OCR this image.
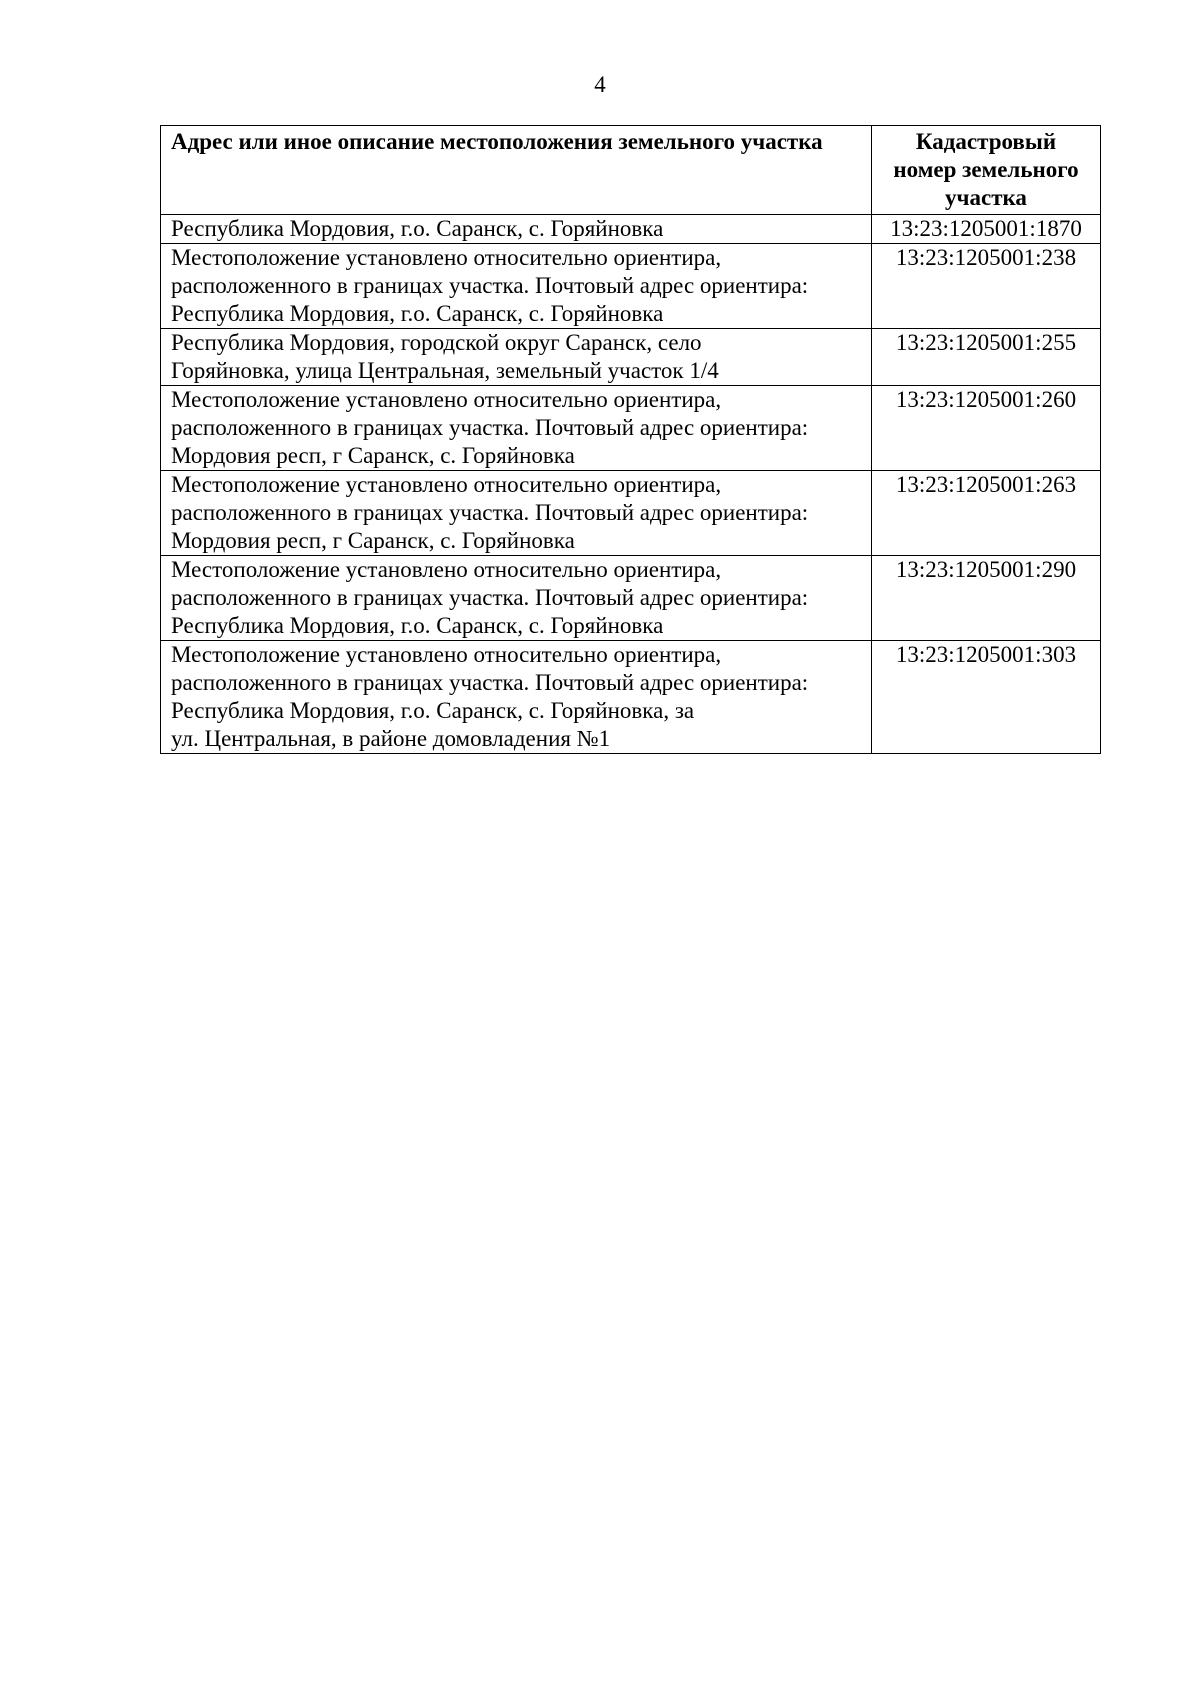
4
Адрес или иное описание местоположения земельного участка	Кадастровый номер земельного участка

Республика Мордовия, г.о. Саранск, с. Горяйновка	13:23:1205001:1870

Местоположение установлено относительно ориентира,
расположенного в границах участка. Почтовый адрес ориентира:
Республика Мордовия, г.о. Саранск, с. Горяйновка	13:23:1205001:238

Республика Мордовия, городской округ Саранск, село
Горяйновка, улица Центральная, земельный участок 1/4	13:23:1205001:255

Местоположение установлено относительно ориентира,
расположенного в границах участка. Почтовый адрес ориентира:
Мордовия респ, г Саранск, с. Горяйновка	13:23:1205001:260

Местоположение установлено относительно ориентира,
расположенного в границах участка. Почтовый адрес ориентира:
Мордовия респ, г Саранск, с. Горяйновка	13:23:1205001:263

Местоположение установлено относительно ориентира,
расположенного в границах участка. Почтовый адрес ориентира:
Республика Мордовия, г.о. Саранск, с. Горяйновка	13:23:1205001:290

Местоположение установлено относительно ориентира,
расположенного в границах участка. Почтовый адрес ориентира:
Республика Мордовия, г.о. Саранск, с. Горяйновка, за
ул. Центральная, в районе домовладения №1	13:23:1205001:303
